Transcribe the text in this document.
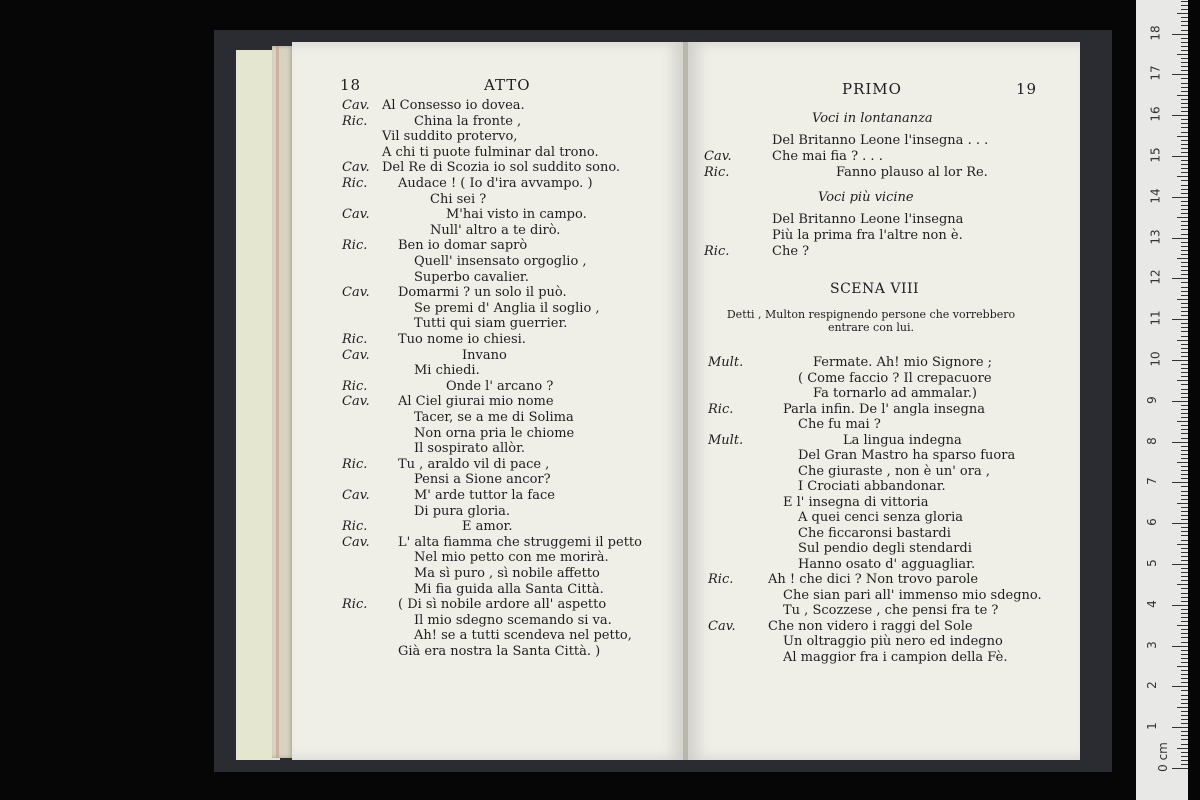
18	ATTO	PRIMO	19
Voci in lontananza
Voci più vicine
SCENA VIII
Detti , Multon respignendo persone che vorrebbero entrare con lui.
0 cm
1
2
3
4
5
6
7
8
9
10
11
12
13
14
15
16
17
18
Cav. Al Consesso io dovea.
Ric.	China la fronte ,
Vil suddito protervo,
A chi ti puote fulminar dal trono.
Cav. Del Re di Scozia io sol suddito sono.
Ric. Audace ! ( Io d'ira avvampo. )
Chi sei ?
Cav.	M'hai visto in campo.
Null' altro a te dirò.
Ric. Ben io domar saprò
Quell' insensato orgoglio ,
Superbo cavalier.
Cav. Domarmi ? un solo il può.
Se premi d' Anglia il soglio ,
Tutti qui siam guerrier.
Ric. Tuo nome io chiesi.
Cav.	Invano
Mi chiedi.
Ric.	Onde l' arcano ?
Cav. Al Ciel giurai mio nome
Tacer, se a me di Solima
Non orna pria le chiome
Il sospirato allòr.
Ric. Tu , araldo vil di pace ,
Pensi a Sione ancor?
Cav.	M' arde tuttor la face
Di pura gloria.
Ric.	E amor.
Cav. L' alta fiamma che struggemi il petto
Nel mio petto con me morirà.
Ma sì puro , sì nobile affetto
Mi fia guida alla Santa Città.
Ric. ( Di sì nobile ardore all' aspetto
Il mio sdegno scemando si va.
Ah! se a tutti scendeva nel petto,
Già era nostra la Santa Città. )
Del Britanno Leone l'insegna . . .
Cav.	Che mai fia ? . . .
Ric.	Fanno plauso al lor Re.
Del Britanno Leone l'insegna
Più la prima fra l'altre non è.
Ric.	Che ?
Mult.	Fermate. Ah! mio Signore ;
( Come faccio ? Il crepacuore
Fa tornarlo ad ammalar.)
Ric.	Parla infin. De l' angla insegna
Che fu mai ?
Mult.	La lingua indegna
Del Gran Mastro ha sparso fuora
Che giuraste , non è un' ora ,
I Crociati abbandonar.
E l' insegna di vittoria
A quei cenci senza gloria
Che ficcaronsi bastardi
Sul pendio degli stendardi
Hanno osato d' agguagliar.
Ric.	Ah ! che dici ? Non trovo parole
Che sian pari all' immenso mio sdegno.
Tu , Scozzese , che pensi fra te ?
Cav. Che non videro i raggi del Sole
Un oltraggio più nero ed indegno
Al maggior fra i campion della Fè.
